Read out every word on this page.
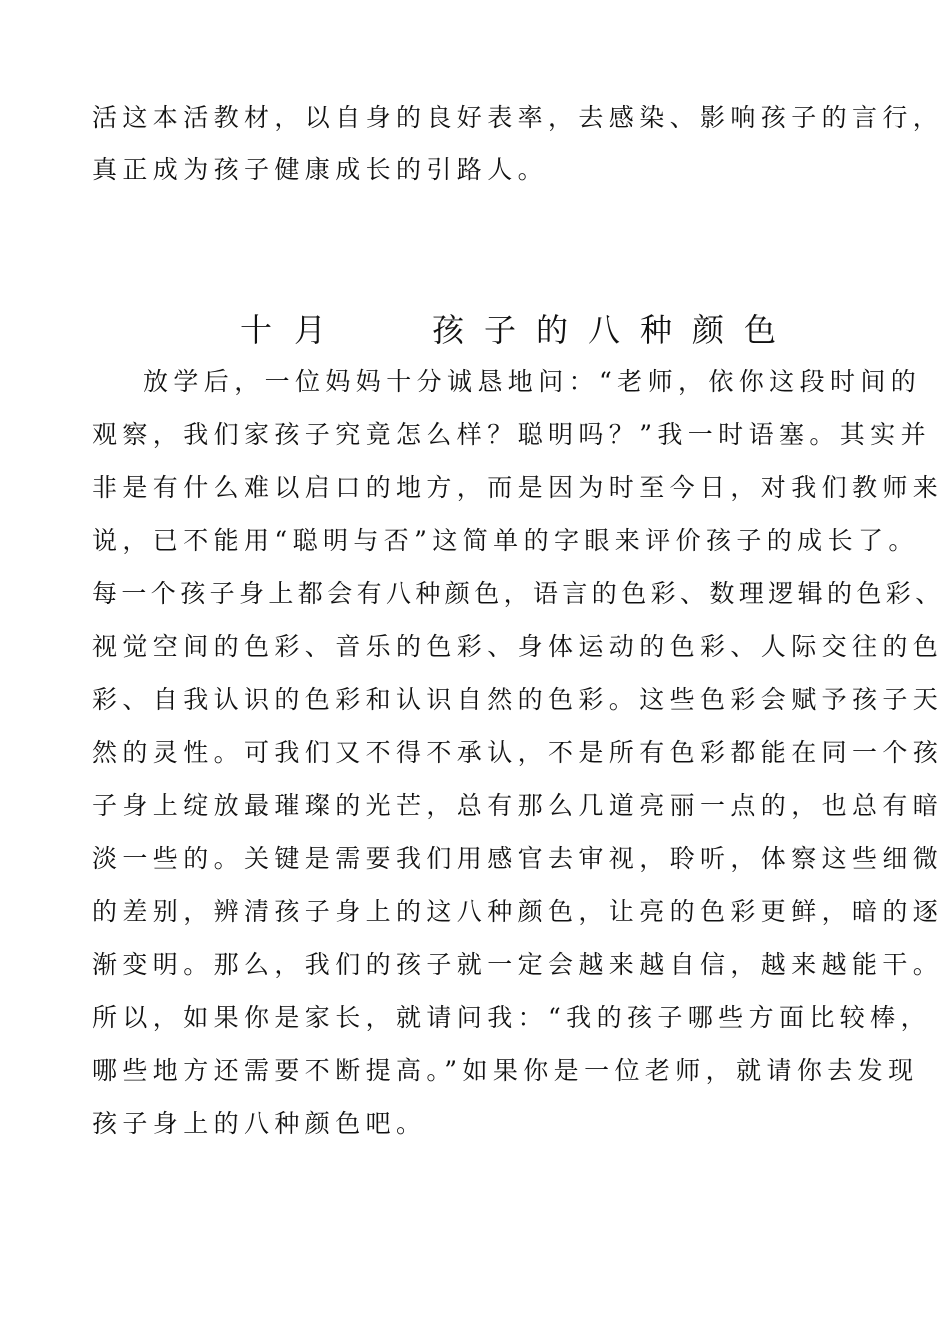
活这本活教材，以自身的良好表率，去感染、影响孩子的言行，
真正成为孩子健康成长的引路人。
十月	孩子的八种颜色
放学后，一位妈妈十分诚恳地问：“老师，依你这段时间的
观察，我们家孩子究竟怎么样？聪明吗？”我一时语塞。其实并
非是有什么难以启口的地方，而是因为时至今日，对我们教师来
说，已不能用“聪明与否”这简单的字眼来评价孩子的成长了。
每一个孩子身上都会有八种颜色，语言的色彩、数理逻辑的色彩、
视觉空间的色彩、音乐的色彩、身体运动的色彩、人际交往的色
彩、自我认识的色彩和认识自然的色彩。这些色彩会赋予孩子天
然的灵性。可我们又不得不承认，不是所有色彩都能在同一个孩
子身上绽放最璀璨的光芒，总有那么几道亮丽一点的，也总有暗
淡一些的。关键是需要我们用感官去审视，聆听，体察这些细微
的差别，辨清孩子身上的这八种颜色，让亮的色彩更鲜，暗的逐
渐变明。那么，我们的孩子就一定会越来越自信，越来越能干。
所以，如果你是家长，就请问我：“我的孩子哪些方面比较棒，
哪些地方还需要不断提高。”如果你是一位老师，就请你去发现
孩子身上的八种颜色吧。
